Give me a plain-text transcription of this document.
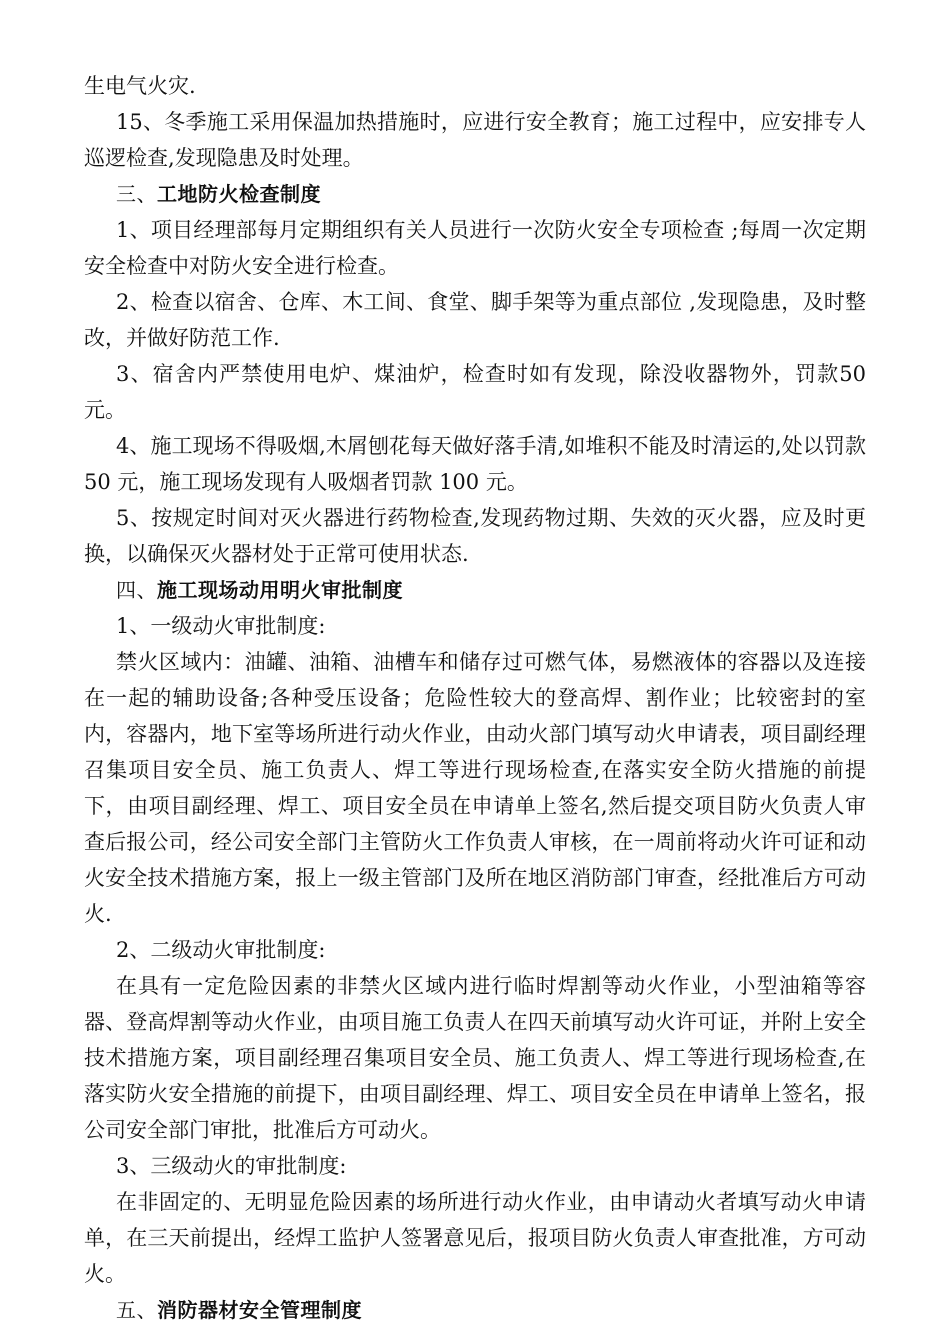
生电气火灾.

15、冬季施工采用保温加热措施时，应进行安全教育；施工过程中，应安排专人巡逻检查,发现隐患及时处理。

三、工地防火检查制度

1、项目经理部每月定期组织有关人员进行一次防火安全专项检查 ;每周一次定期安全检查中对防火安全进行检查。

2、检查以宿舍、仓库、木工间、食堂、脚手架等为重点部位 ,发现隐患，及时整改，并做好防范工作.

3、宿舍内严禁使用电炉、煤油炉，检查时如有发现，除没收器物外，罚款50元。

4、施工现场不得吸烟,木屑刨花每天做好落手清,如堆积不能及时清运的,处以罚款 50 元，施工现场发现有人吸烟者罚款 100 元。

5、按规定时间对灭火器进行药物检查,发现药物过期、失效的灭火器，应及时更换，以确保灭火器材处于正常可使用状态.

四、施工现场动用明火审批制度

1、一级动火审批制度:

禁火区域内：油罐、油箱、油槽车和储存过可燃气体，易燃液体的容器以及连接在一起的辅助设备;各种受压设备；危险性较大的登高焊、割作业；比较密封的室内，容器内，地下室等场所进行动火作业，由动火部门填写动火申请表，项目副经理召集项目安全员、施工负责人、焊工等进行现场检查,在落实安全防火措施的前提下，由项目副经理、焊工、项目安全员在申请单上签名,然后提交项目防火负责人审查后报公司，经公司安全部门主管防火工作负责人审核，在一周前将动火许可证和动火安全技术措施方案，报上一级主管部门及所在地区消防部门审查，经批准后方可动火.

2、二级动火审批制度:

在具有一定危险因素的非禁火区域内进行临时焊割等动火作业，小型油箱等容器、登高焊割等动火作业，由项目施工负责人在四天前填写动火许可证，并附上安全技术措施方案，项目副经理召集项目安全员、施工负责人、焊工等进行现场检查,在落实防火安全措施的前提下，由项目副经理、焊工、项目安全员在申请单上签名，报公司安全部门审批，批准后方可动火。

3、三级动火的审批制度:

在非固定的、无明显危险因素的场所进行动火作业，由申请动火者填写动火申请单，在三天前提出，经焊工监护人签署意见后，报项目防火负责人审查批准，方可动火。

五、消防器材安全管理制度
